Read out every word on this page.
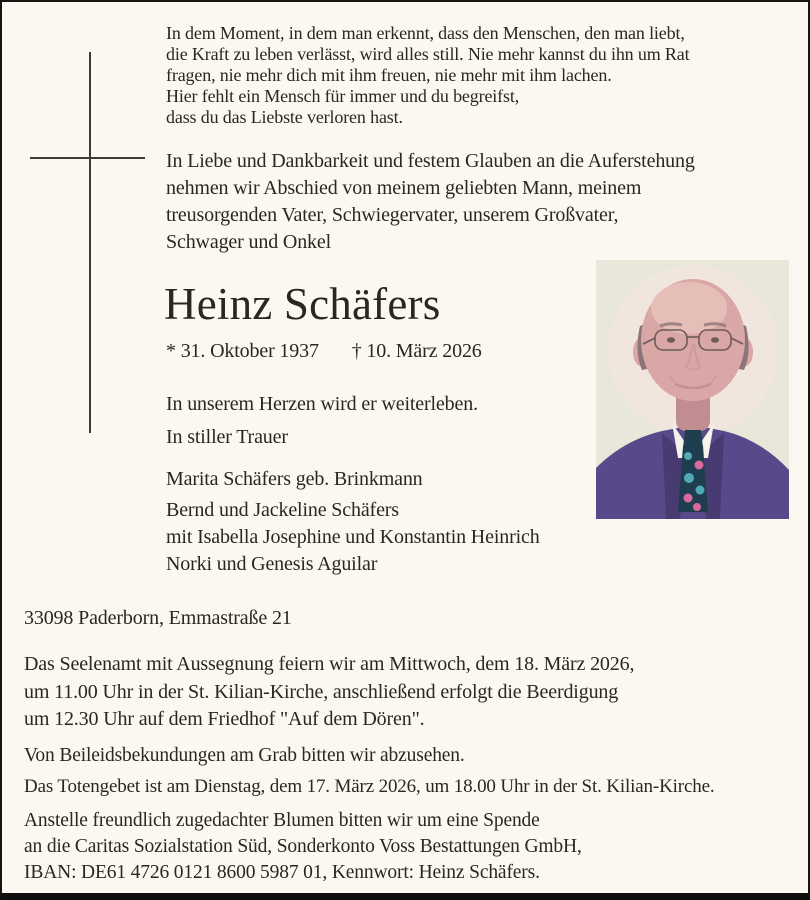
In dem Moment, in dem man erkennt, dass den Menschen, den man liebt,
die Kraft zu leben verlässt, wird alles still. Nie mehr kannst du ihn um Rat
fragen, nie mehr dich mit ihm freuen, nie mehr mit ihm lachen.
Hier fehlt ein Mensch für immer und du begreifst,
dass du das Liebste verloren hast.
In Liebe und Dankbarkeit und festem Glauben an die Auferstehung
nehmen wir Abschied von meinem geliebten Mann, meinem
treusorgenden Vater, Schwiegervater, unserem Großvater,
Schwager und Onkel
Heinz Schäfers
* 31. Oktober 1937 † 10. März 2026
In unserem Herzen wird er weiterleben.
In stiller Trauer
Marita Schäfers geb. Brinkmann
Bernd und Jackeline Schäfers
mit Isabella Josephine und Konstantin Heinrich
Norki und Genesis Aguilar
33098 Paderborn, Emmastraße 21
Das Seelenamt mit Aussegnung feiern wir am Mittwoch, dem 18. März 2026,
um 11.00 Uhr in der St. Kilian-Kirche, anschließend erfolgt die Beerdigung
um 12.30 Uhr auf dem Friedhof "Auf dem Dören".
Von Beileidsbekundungen am Grab bitten wir abzusehen.
Das Totengebet ist am Dienstag, dem 17. März 2026, um 18.00 Uhr in der St. Kilian-Kirche.
Anstelle freundlich zugedachter Blumen bitten wir um eine Spende
an die Caritas Sozialstation Süd, Sonderkonto Voss Bestattungen GmbH,
IBAN: DE61 4726 0121 8600 5987 01, Kennwort: Heinz Schäfers.
